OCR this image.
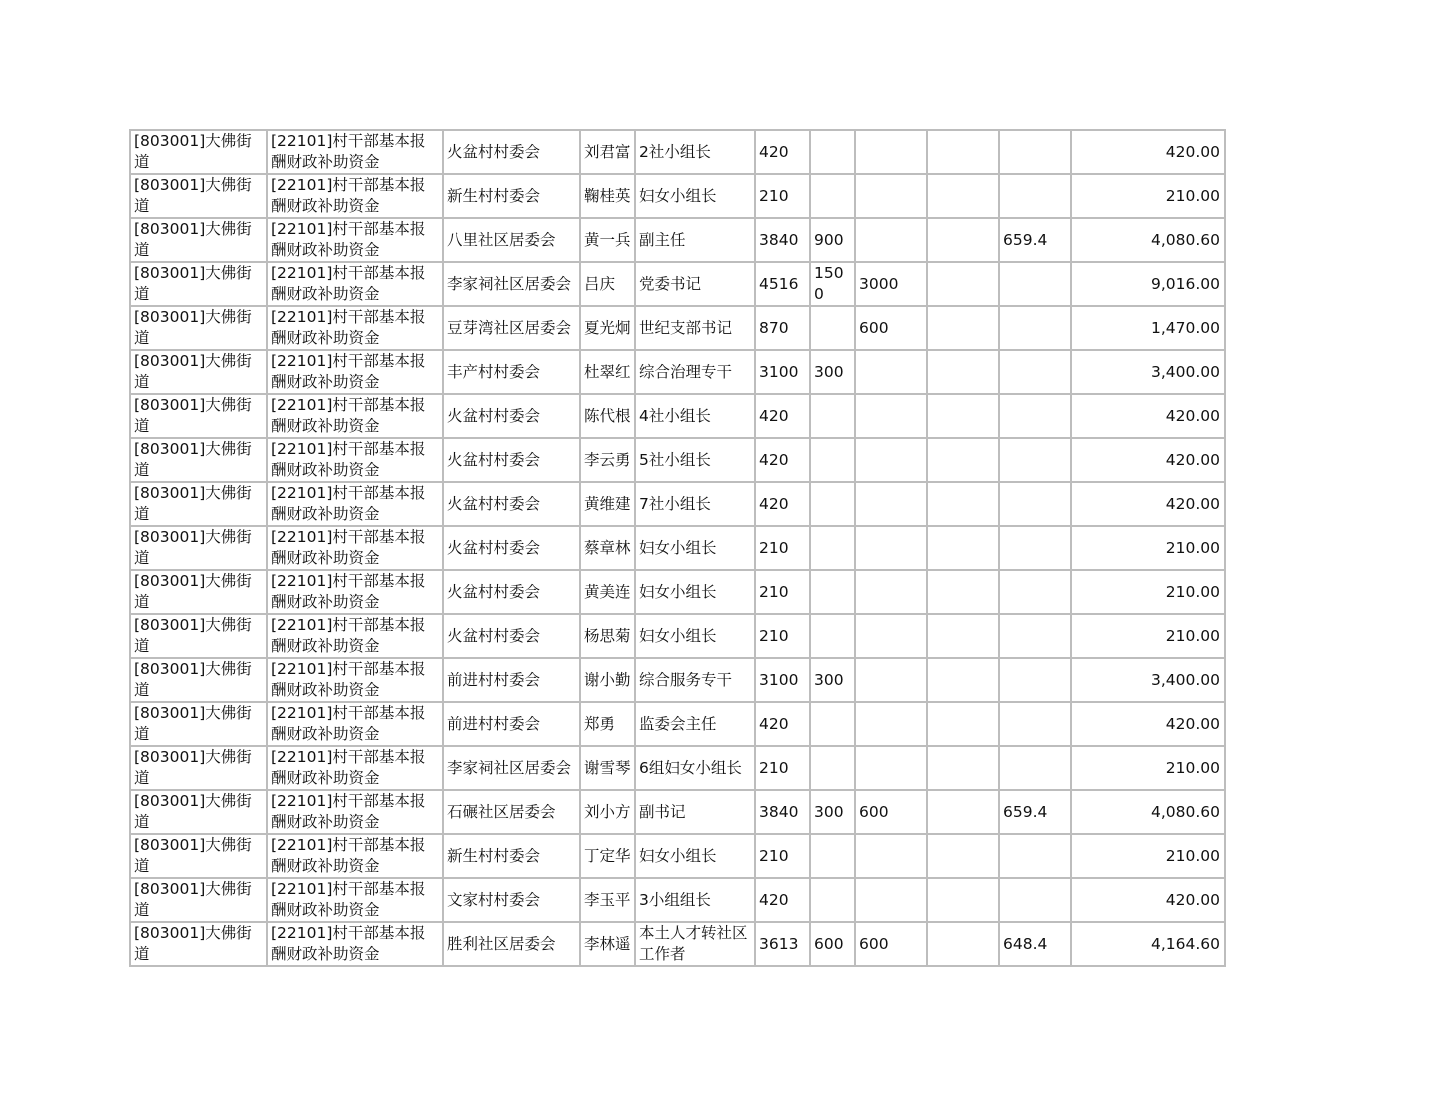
[803001]大佛街道	[22101]村干部基本报酬财政补助资金	火盆村村委会	刘君富	2社小组长	420					420.00
[803001]大佛街道	[22101]村干部基本报酬财政补助资金	新生村村委会	鞠桂英	妇女小组长	210					210.00
[803001]大佛街道	[22101]村干部基本报酬财政补助资金	八里社区居委会	黄一兵	副主任	3840	900			659.4	4,080.60
[803001]大佛街道	[22101]村干部基本报酬财政补助资金	李家祠社区居委会	吕庆	党委书记	4516	1500	3000			9,016.00
[803001]大佛街道	[22101]村干部基本报酬财政补助资金	豆芽湾社区居委会	夏光炯	世纪支部书记	870		600			1,470.00
[803001]大佛街道	[22101]村干部基本报酬财政补助资金	丰产村村委会	杜翠红	综合治理专干	3100	300				3,400.00
[803001]大佛街道	[22101]村干部基本报酬财政补助资金	火盆村村委会	陈代根	4社小组长	420					420.00
[803001]大佛街道	[22101]村干部基本报酬财政补助资金	火盆村村委会	李云勇	5社小组长	420					420.00
[803001]大佛街道	[22101]村干部基本报酬财政补助资金	火盆村村委会	黄维建	7社小组长	420					420.00
[803001]大佛街道	[22101]村干部基本报酬财政补助资金	火盆村村委会	蔡章林	妇女小组长	210					210.00
[803001]大佛街道	[22101]村干部基本报酬财政补助资金	火盆村村委会	黄美连	妇女小组长	210					210.00
[803001]大佛街道	[22101]村干部基本报酬财政补助资金	火盆村村委会	杨思菊	妇女小组长	210					210.00
[803001]大佛街道	[22101]村干部基本报酬财政补助资金	前进村村委会	谢小勤	综合服务专干	3100	300				3,400.00
[803001]大佛街道	[22101]村干部基本报酬财政补助资金	前进村村委会	郑勇	监委会主任	420					420.00
[803001]大佛街道	[22101]村干部基本报酬财政补助资金	李家祠社区居委会	谢雪琴	6组妇女小组长	210					210.00
[803001]大佛街道	[22101]村干部基本报酬财政补助资金	石碾社区居委会	刘小方	副书记	3840	300	600		659.4	4,080.60
[803001]大佛街道	[22101]村干部基本报酬财政补助资金	新生村村委会	丁定华	妇女小组长	210					210.00
[803001]大佛街道	[22101]村干部基本报酬财政补助资金	文家村村委会	李玉平	3小组组长	420					420.00
[803001]大佛街道	[22101]村干部基本报酬财政补助资金	胜利社区居委会	李林遥	本土人才转社区工作者	3613	600	600		648.4	4,164.60
